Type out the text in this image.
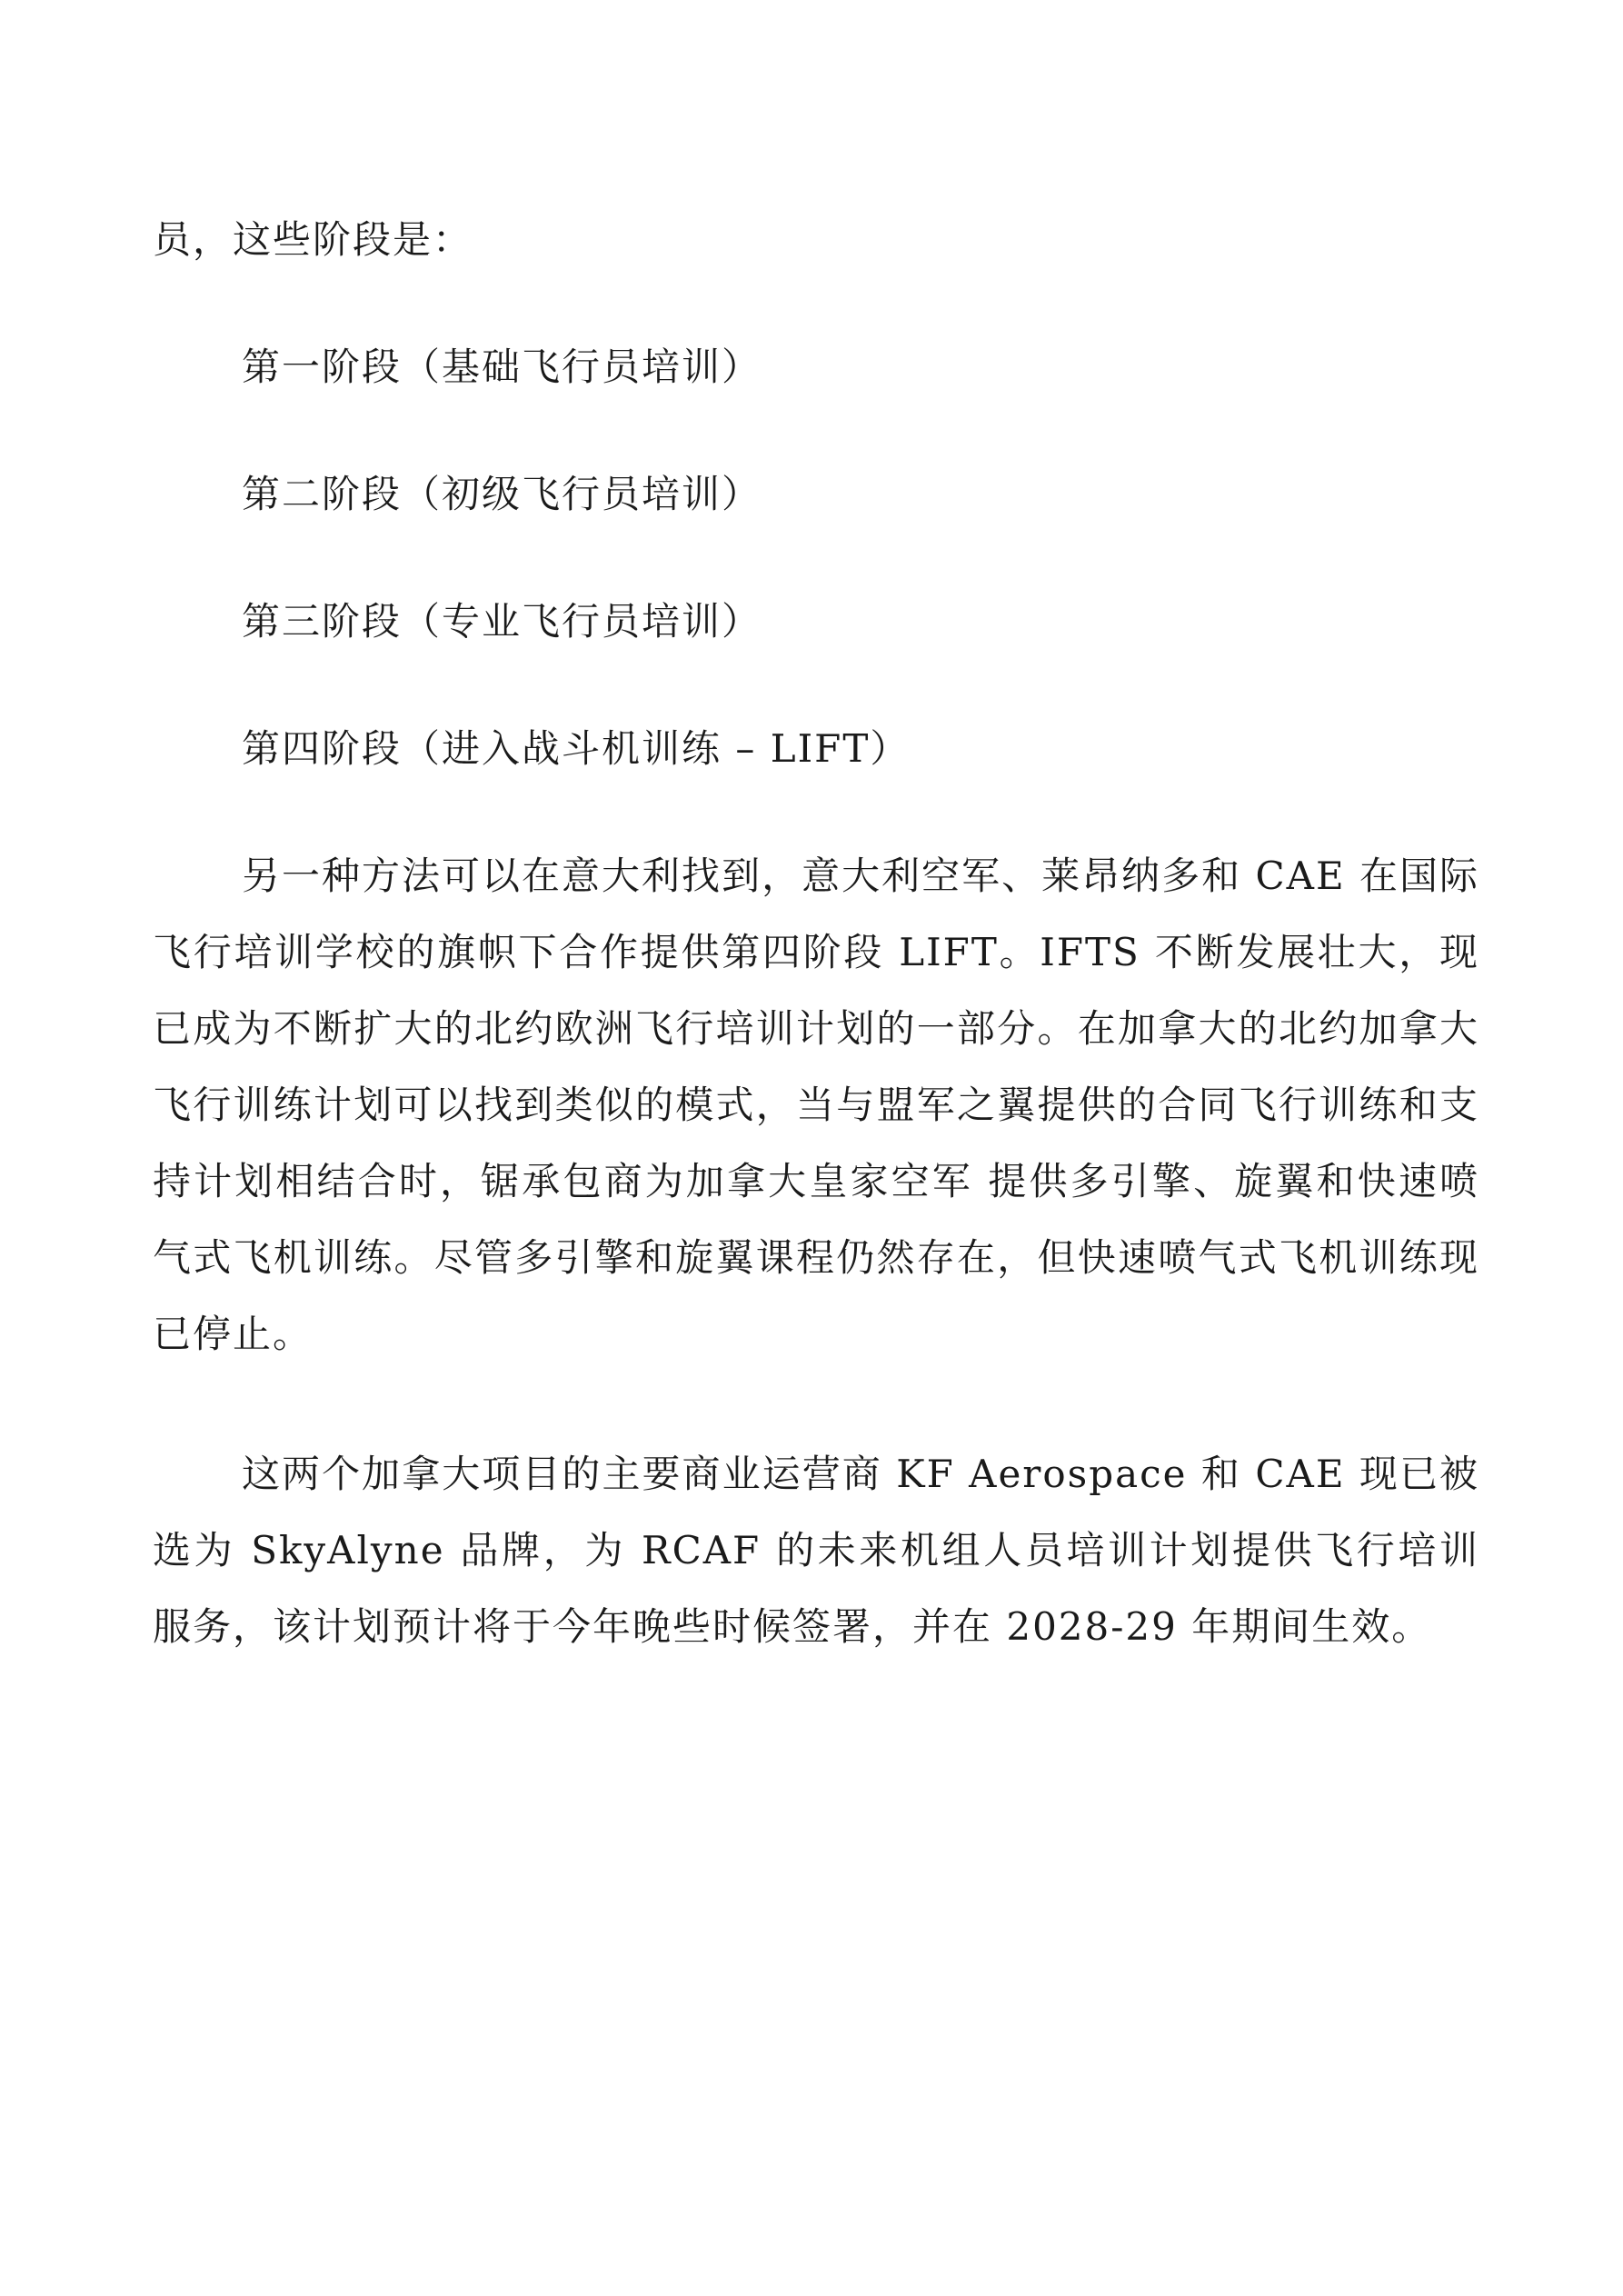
员，这些阶段是：

第一阶段（基础飞行员培训）

第二阶段（初级飞行员培训）

第三阶段（专业飞行员培训）

第四阶段（进入战斗机训练 – LIFT）

另一种方法可以在意大利找到，意大利空军、莱昂纳多和 CAE 在国际飞行培训学校的旗帜下合作提供第四阶段 LIFT。IFTS 不断发展壮大，现已成为不断扩大的北约欧洲飞行培训计划的一部分。在加拿大的北约加拿大飞行训练计划可以找到类似的模式，当与盟军之翼提供的合同飞行训练和支持计划相结合时，锯承包商为加拿大皇家空军 提供多引擎、旋翼和快速喷气式飞机训练。尽管多引擎和旋翼课程仍然存在，但快速喷气式飞机训练现已停止。

这两个加拿大项目的主要商业运营商 KF Aerospace 和 CAE 现已被选为 SkyAlyne 品牌，为 RCAF 的未来机组人员培训计划提供飞行培训服务，该计划预计将于今年晚些时候签署，并在 2028-29 年期间生效。
